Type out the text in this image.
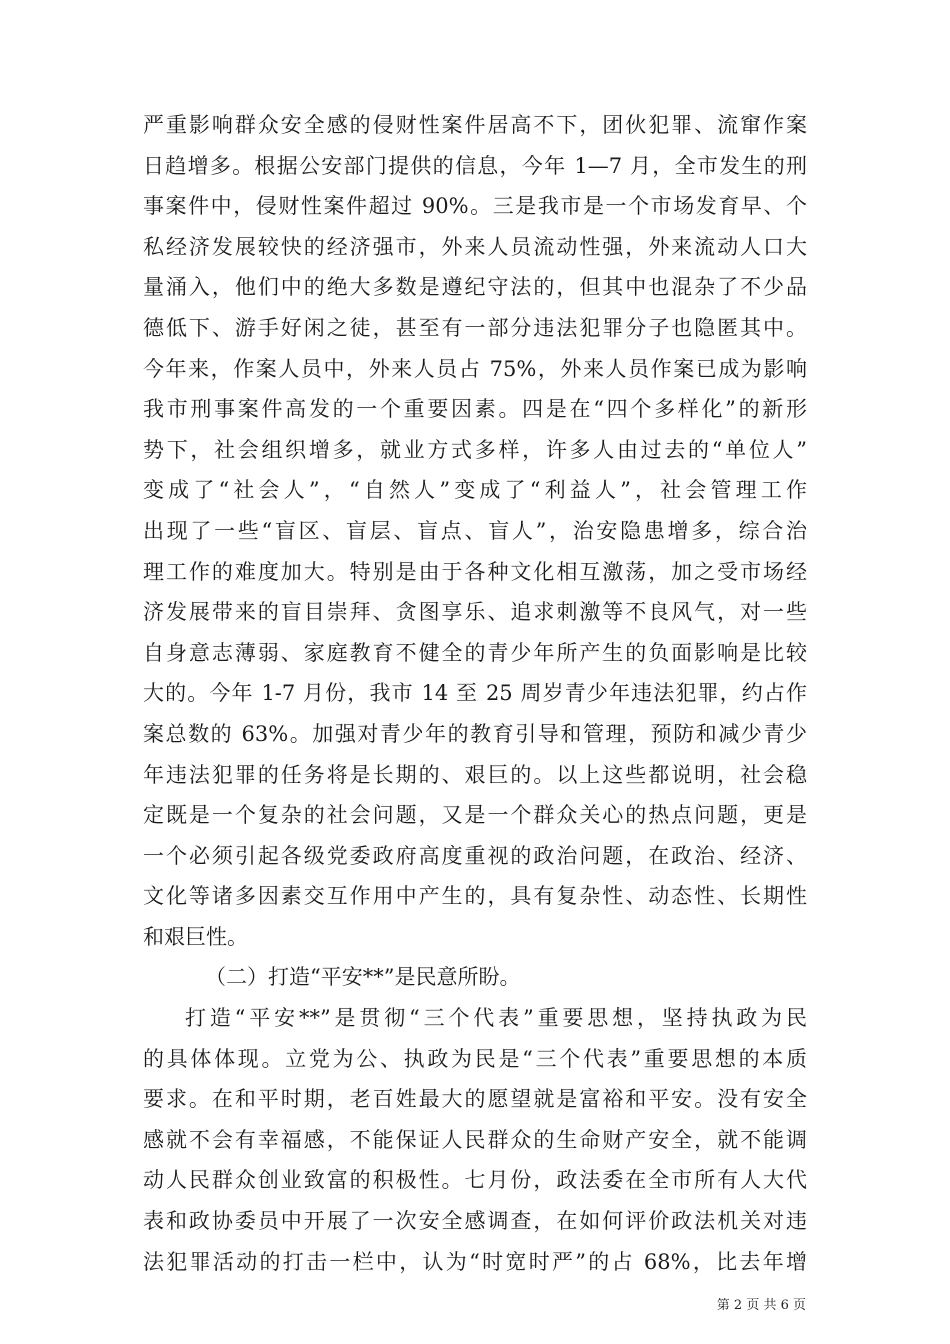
严重影响群众安全感的侵财性案件居高不下，团伙犯罪、流窜作案
日趋增多。根据公安部门提供的信息，今年 1—7 月，全市发生的刑
事案件中，侵财性案件超过 90%。三是我市是一个市场发育早、个
私经济发展较快的经济强市，外来人员流动性强，外来流动人口大
量涌入，他们中的绝大多数是遵纪守法的，但其中也混杂了不少品
德低下、游手好闲之徒，甚至有一部分违法犯罪分子也隐匿其中。
今年来，作案人员中，外来人员占 75%，外来人员作案已成为影响
我市刑事案件高发的一个重要因素。四是在“四个多样化”的新形
势下，社会组织增多，就业方式多样，许多人由过去的“单位人”
变成了“社会人”，“自然人”变成了“利益人”，社会管理工作
出现了一些“盲区、盲层、盲点、盲人”，治安隐患增多，综合治
理工作的难度加大。特别是由于各种文化相互激荡，加之受市场经
济发展带来的盲目崇拜、贪图享乐、追求刺激等不良风气，对一些
自身意志薄弱、家庭教育不健全的青少年所产生的负面影响是比较
大的。今年 1-7 月份，我市 14 至 25 周岁青少年违法犯罪，约占作
案总数的 63%。加强对青少年的教育引导和管理，预防和减少青少
年违法犯罪的任务将是长期的、艰巨的。以上这些都说明，社会稳
定既是一个复杂的社会问题，又是一个群众关心的热点问题，更是
一个必须引起各级党委政府高度重视的政治问题，在政治、经济、
文化等诸多因素交互作用中产生的，具有复杂性、动态性、长期性
和艰巨性。
（二）打造“平安**”是民意所盼。
打造“平安**”是贯彻“三个代表”重要思想，坚持执政为民
的具体体现。立党为公、执政为民是“三个代表”重要思想的本质
要求。在和平时期，老百姓最大的愿望就是富裕和平安。没有安全
感就不会有幸福感，不能保证人民群众的生命财产安全，就不能调
动人民群众创业致富的积极性。七月份，政法委在全市所有人大代
表和政协委员中开展了一次安全感调查，在如何评价政法机关对违
法犯罪活动的打击一栏中，认为“时宽时严”的占 68%，比去年增
第 2 页 共 6 页
